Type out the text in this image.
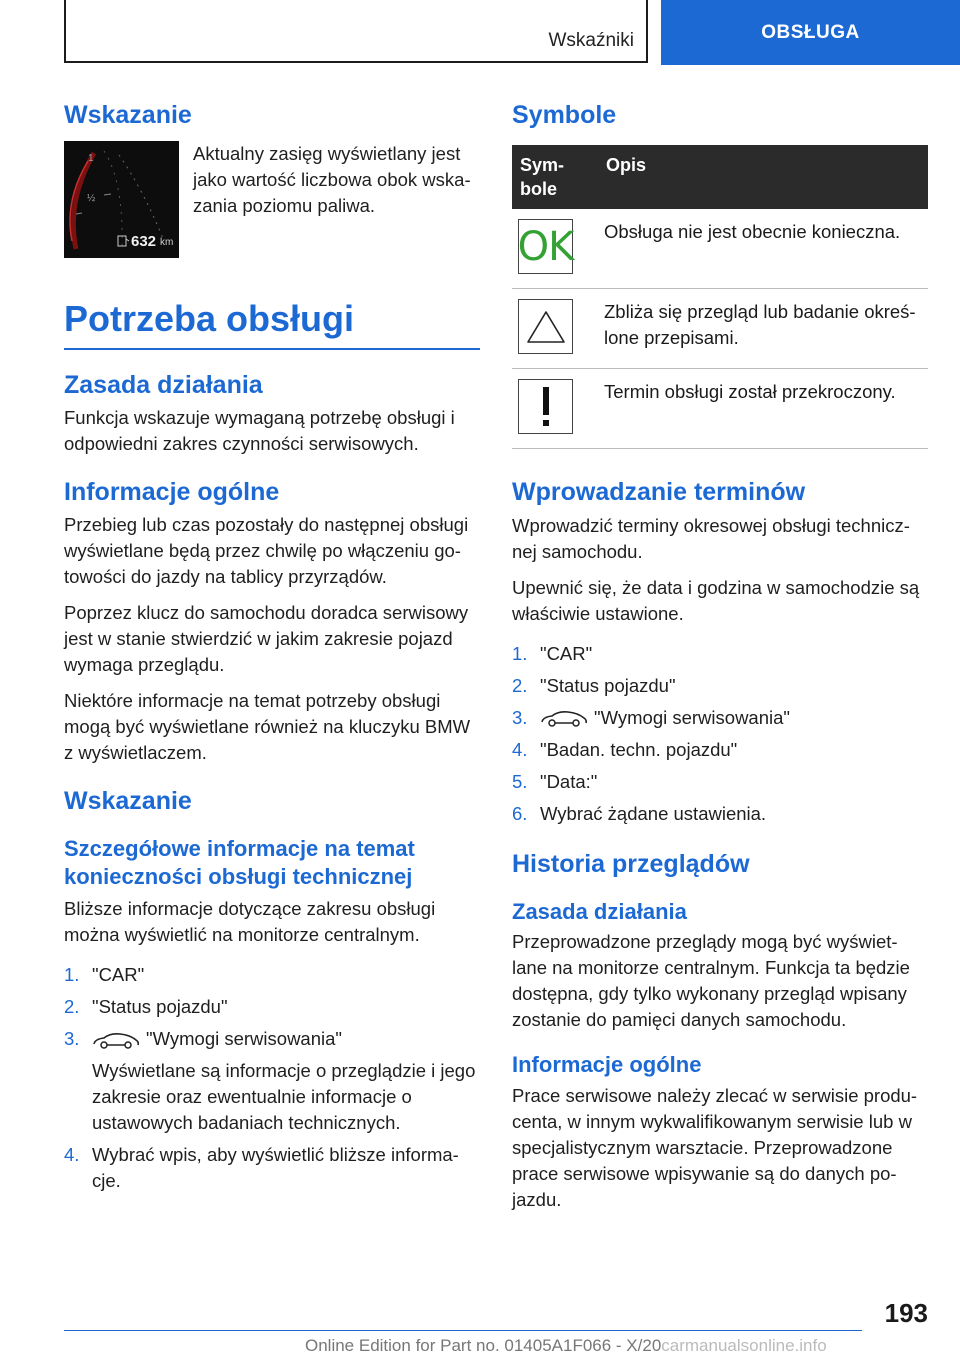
Wskaźniki	OBSŁUGA
Wskazanie
1
½
632 km

Aktualny zasięg wyświetlany jest jako wartość liczbowa obok wska-zania poziomu paliwa.

Potrzeba obsługi
Zasada działania

Funkcja wskazuje wymaganą potrzebę obsługi i odpowiedni zakres czynności serwisowych.

Informacje ogólne

Przebieg lub czas pozostały do następnej obsługi wyświetlane będą przez chwilę po włączeniu go-towości do jazdy na tablicy przyrządów.

Poprzez klucz do samochodu doradca serwisowy jest w stanie stwierdzić w jakim zakresie pojazd wymaga przeglądu.

Niektóre informacje na temat potrzeby obsługi mogą być wyświetlane również na kluczyku BMW z wyświetlaczem.

Wskazanie
Szczegółowe informacje na temat konieczności obsługi technicznej

Bliższe informacje dotyczące zakresu obsługi można wyświetlić na monitorze centralnym.

1. "CAR"
2. "Status pojazdu"
3.	"Wymogi serwisowania"
Wyświetlane są informacje o przeglądzie i jego zakresie oraz ewentualnie informacje o ustawowych badaniach technicznych.
4. Wybrać wpis, aby wyświetlić bliższe informa-cje.
Symbole
Sym-bole	Opis

OK	Obsługa nie jest obecnie konieczna.

	Zbliża się przegląd lub badanie okreś-lone przepisami.

	Termin obsługi został przekroczony.
Wprowadzanie terminów

Wprowadzić terminy okresowej obsługi technicz-nej samochodu.

Upewnić się, że data i godzina w samochodzie są właściwie ustawione.

1. "CAR"
2. "Status pojazdu"
3.	"Wymogi serwisowania"
4. "Badan. techn. pojazdu"
5. "Data:"
6. Wybrać żądane ustawienia.
Historia przeglądów
Zasada działania

Przeprowadzone przeglądy mogą być wyświet-lane na monitorze centralnym. Funkcja ta będzie dostępna, gdy tylko wykonany przegląd wpisany zostanie do pamięci danych samochodu.

Informacje ogólne

Prace serwisowe należy zlecać w serwisie produ-centa, w innym wykwalifikowanym serwisie lub w specjalistycznym warsztacie. Przeprowadzone prace serwisowe wpisywanie są do danych po-jazdu.

193
Online Edition for Part no. 01405A1F066 - X/20carmanualsonline.info
